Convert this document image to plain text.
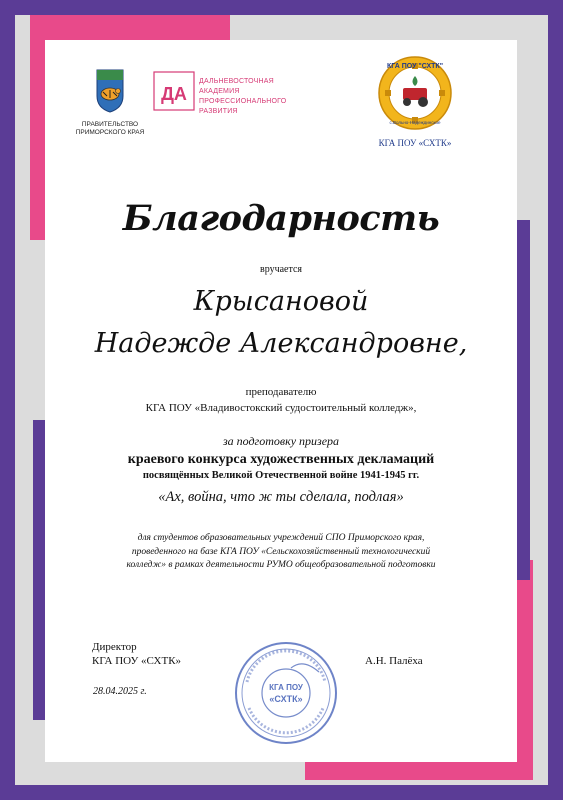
ПРАВИТЕЛЬСТВО
ПРИМОРСКОГО КРАЯ
ДА
ДАЛЬНЕВОСТОЧНАЯ
АКАДЕМИЯ
ПРОФЕССИОНАЛЬНОГО
РАЗВИТИЯ
КГА ПОУ "СХТК"
с.Вольно-Надеждинское
КГА ПОУ «СХТК»
Благодарность
вручается
Крысановой
Надежде Александровне,
преподавателю
КГА ПОУ «Владивостокский судостоительный колледж»,
за подготовку призера
краевого конкурса художественных декламаций
посвящённых Великой Отечественной войне 1941-1945 гг.
«Ах, война, что ж ты сделала, подлая»
для студентов образовательных учреждений СПО Приморского края,
проведенного на базе КГА ПОУ «Сельскохозяйственный технологический
колледж» в рамках деятельности РУМО общеобразовательной подготовки
Директор
КГА ПОУ «СХТК»	А.Н. Палёха
28.04.2025 г.	КГА ПОУ
«СХТК»
